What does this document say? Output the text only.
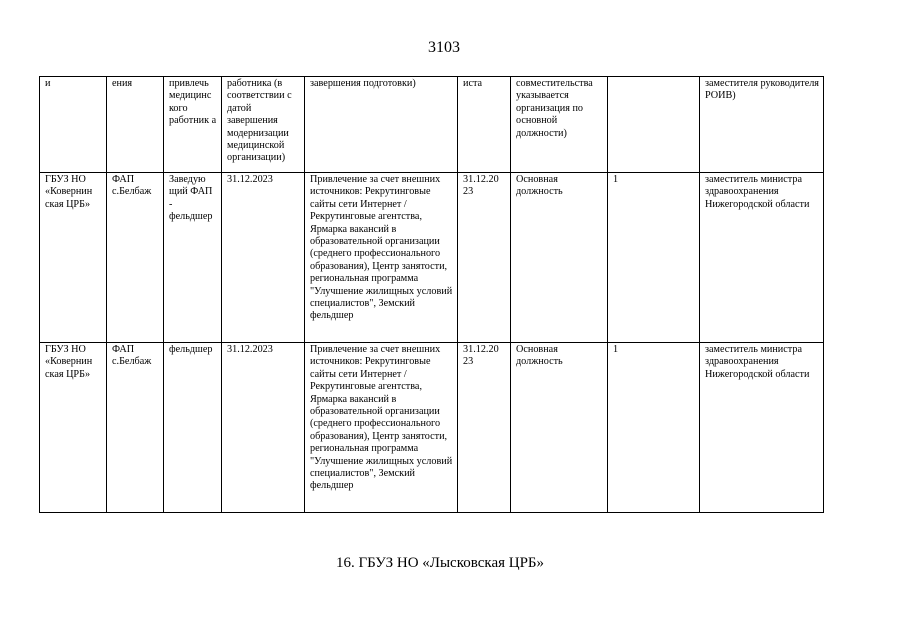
3103
и	ения	привлечь медицинс кого работник а	работника (в соответствии с датой завершения модернизации медицинской организации)	завершения подготовки)	иста	совместительства указывается организация по основной должности)		заместителя руководителя РОИВ)
ГБУЗ НО «Ковернин ская ЦРБ»	ФАП с.Белбаж	Заведую щий ФАП - фельдшер	31.12.2023	Привлечение за счет внешних источников: Рекрутинговые сайты сети Интернет / Рекрутинговые агентства, Ярмарка вакансий в образовательной организации (среднего профессионального образования), Центр занятости, региональная программа "Улучшение жилищных условий специалистов", Земский фельдшер	31.12.20 23	Основная должность	1	заместитель министра здравоохранения Нижегородской области
ГБУЗ НО «Ковернин ская ЦРБ»	ФАП с.Белбаж	фельдшер	31.12.2023	Привлечение за счет внешних источников: Рекрутинговые сайты сети Интернет / Рекрутинговые агентства, Ярмарка вакансий в образовательной организации (среднего профессионального образования), Центр занятости, региональная программа "Улучшение жилищных условий специалистов", Земский фельдшер	31.12.20 23	Основная должность	1	заместитель министра здравоохранения Нижегородской области
16. ГБУЗ НО «Лысковская ЦРБ»
